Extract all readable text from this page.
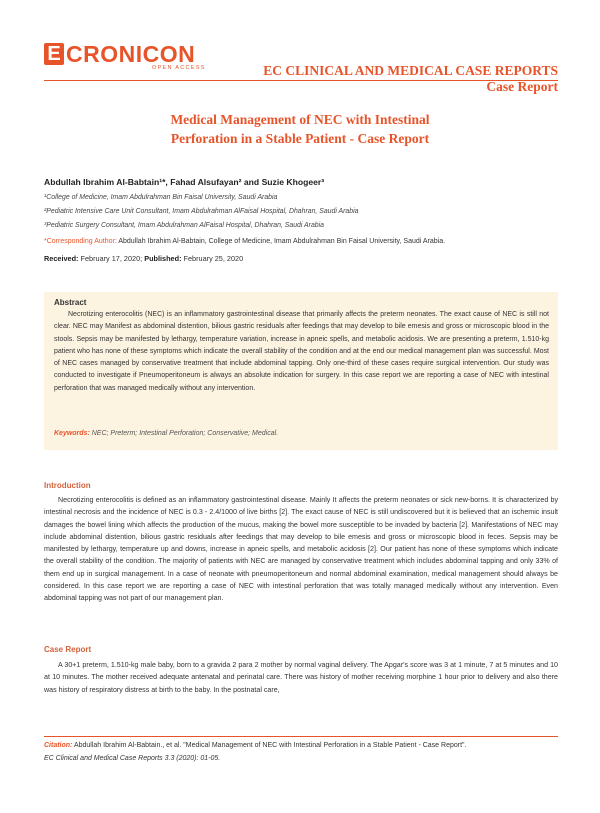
E CRONICON
OPEN ACCESS	EC CLINICAL AND MEDICAL CASE REPORTS
Case Report
Medical Management of NEC with Intestinal
Perforation in a Stable Patient - Case Report
Abdullah Ibrahim Al-Babtain¹*, Fahad Alsufayan² and Suzie Khogeer³
¹College of Medicine, Imam Abdulrahman Bin Faisal University, Saudi Arabia
²Pediatric Intensive Care Unit Consultant, Imam Abdulrahman AlFaisal Hospital, Dhahran, Saudi Arabia
³Pediatric Surgery Consultant, Imam Abdulrahman AlFaisal Hospital, Dhahran, Saudi Arabia
*Corresponding Author: Abdullah Ibrahim Al-Babtain, College of Medicine, Imam Abdulrahman Bin Faisal University, Saudi Arabia.
Received: February 17, 2020; Published: February 25, 2020
Abstract
Necrotizing enterocolitis (NEC) is an inflammatory gastrointestinal disease that primarily affects the preterm neonates. The exact cause of NEC is still not clear. NEC may Manifest as abdominal distention, bilious gastric residuals after feedings that may develop to bile emesis and gross or microscopic blood in the stools. Sepsis may be manifested by lethargy, temperature variation, increase in apneic spells, and metabolic acidosis. We are presenting a preterm, 1.510-kg patient who has none of these symptoms which indicate the overall stability of the condition and at the end our medical management plan was successful. Most of NEC cases managed by conservative treatment that include abdominal tapping. Only one-third of these cases require surgical intervention. Our study was conducted to investigate if Pneumoperitoneum is always an absolute indication for surgery. In this case report we are reporting a case of NEC with intestinal perforation that was managed medically without any intervention.
Keywords: NEC; Preterm; Intestinal Perforation; Conservative; Medical.
Introduction
Necrotizing enterocolitis is defined as an inflammatory gastrointestinal disease. Mainly It affects the preterm neonates or sick new-borns. It is characterized by intestinal necrosis and the incidence of NEC is 0.3 - 2.4/1000 of live births [2]. The exact cause of NEC is still undiscovered but it is believed that an ischemic insult damages the bowel lining which affects the production of the mucus, making the bowel more susceptible to be invaded by bacteria [2]. Manifestations of NEC may include abdominal distention, bilious gastric residuals after feedings that may develop to bile emesis and gross or microscopic blood in feces. Sepsis may be manifested by lethargy, temperature up and downs, increase in apneic spells, and metabolic acidosis [2]. Our patient has none of these symptoms which indicate the overall stability of the condition. The majority of patients with NEC are managed by conservative treatment which includes abdominal tapping and only 33% of them end up in surgical management. In a case of neonate with pneumoperitoneum and normal abdominal examination, medical management should always be considered. In this case report we are reporting a case of NEC with intestinal perforation that was totally managed medically without any intervention. Even abdominal tapping was not part of our management plan.
Case Report
A 30+1 preterm, 1.510-kg male baby, born to a gravida 2 para 2 mother by normal vaginal delivery. The Apgar's score was 3 at 1 minute, 7 at 5 minutes and 10 at 10 minutes. The mother received adequate antenatal and perinatal care. There was history of mother receiving morphine 1 hour prior to delivery and also there was history of respiratory distress at birth to the baby. In the postnatal care,
Citation: Abdullah Ibrahim Al-Babtain., et al. "Medical Management of NEC with Intestinal Perforation in a Stable Patient - Case Report".
EC Clinical and Medical Case Reports 3.3 (2020): 01-05.
